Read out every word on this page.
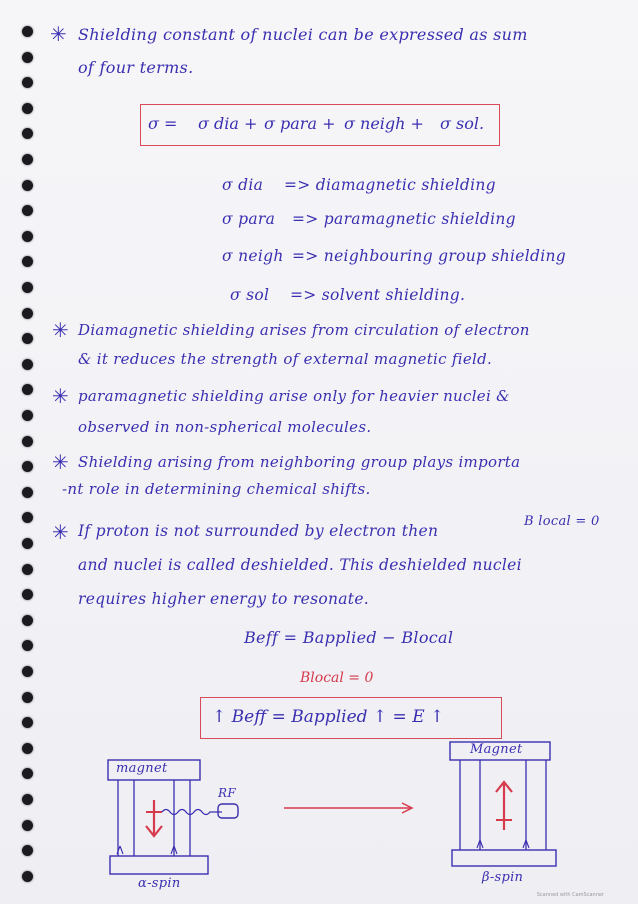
✳ Shielding constant of nuclei can be expressed as sum
of four terms.
σ = σ dia + σ para + σ neigh + σ sol.
σ dia => diamagnetic shielding
σ para => paramagnetic shielding
σ neigh => neighbouring group shielding
σ sol => solvent shielding.
✳ Diamagnetic shielding arises from circulation of electron
& it reduces the strength of external magnetic field.
✳ paramagnetic shielding arise only for heavier nuclei &
observed in non-spherical molecules.
✳ Shielding arising from neighboring group plays importa
-nt role in determining chemical shifts.
✳ If proton is not surrounded by electron then
B local = 0
and nuclei is called deshielded. This deshielded nuclei
requires higher energy to resonate.
Beff = Bapplied − Blocal
Blocal = 0
↑ Beff = Bapplied ↑ = E ↑
magnet
RF
α-spin
Magnet
β-spin
Scanned with CamScanner
